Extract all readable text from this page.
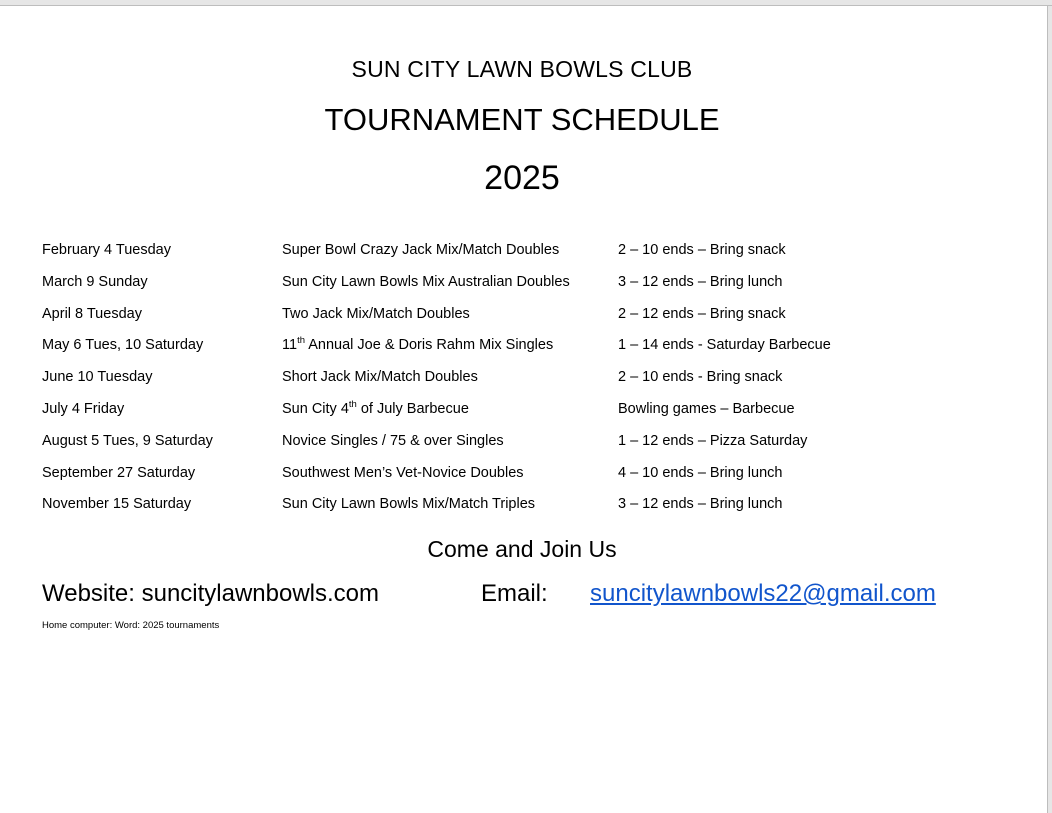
SUN CITY LAWN BOWLS CLUB
TOURNAMENT SCHEDULE
2025
February 4 Tuesday	Super Bowl Crazy Jack Mix/Match Doubles	2 – 10 ends – Bring snack
March 9 Sunday	Sun City Lawn Bowls Mix Australian Doubles	3 – 12 ends – Bring lunch
April 8 Tuesday	Two Jack Mix/Match Doubles	2 – 12 ends – Bring snack
May 6 Tues, 10 Saturday	11th Annual Joe & Doris Rahm Mix Singles	1 – 14 ends - Saturday Barbecue
June 10 Tuesday	Short Jack Mix/Match Doubles	2 – 10 ends - Bring snack
July 4 Friday	Sun City 4th of July Barbecue	Bowling games – Barbecue
August 5 Tues, 9 Saturday	Novice Singles / 75 & over Singles	1 – 12 ends – Pizza Saturday
September 27 Saturday	Southwest Men’s Vet-Novice Doubles	4 – 10 ends – Bring lunch
November 15 Saturday	Sun City Lawn Bowls Mix/Match Triples	3 – 12 ends – Bring lunch
Come and Join Us
Website: suncitylawnbowls.com	Email: suncitylawnbowls22@gmail.com
Home computer: Word: 2025 tournaments
